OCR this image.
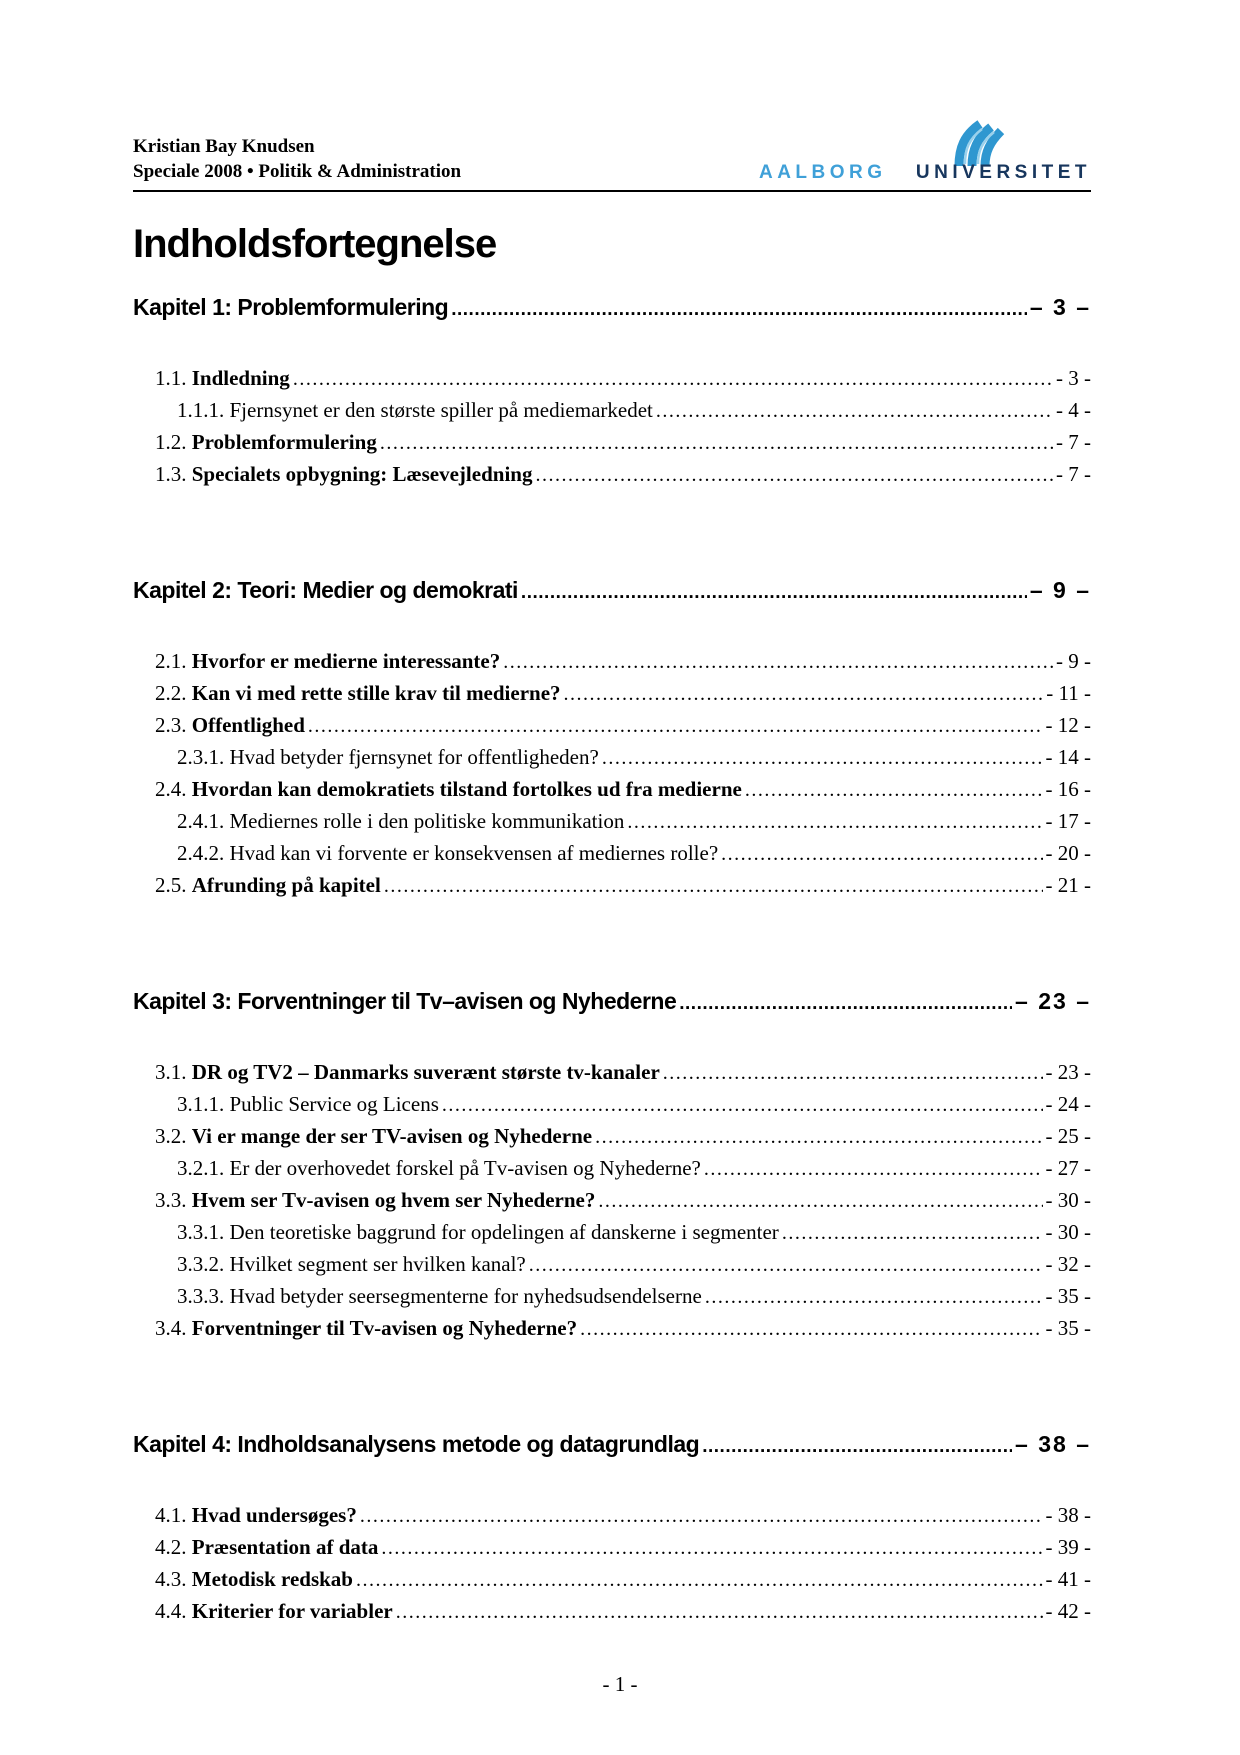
Kristian Bay Knudsen
Speciale 2008 • Politik & Administration	AALBORG UNIVERSITET
Indholdsfortegnelse
Kapitel 1: Problemformulering .....	– 3 –
1.1. Indledning .....	- 3 -
1.1.1. Fjernsynet er den største spiller på mediemarkedet .....	- 4 -
1.2. Problemformulering .....	- 7 -
1.3. Specialets opbygning: Læsevejledning .....	- 7 -
Kapitel 2: Teori: Medier og demokrati .....	– 9 –
2.1. Hvorfor er medierne interessante? .....	- 9 -
2.2. Kan vi med rette stille krav til medierne? .....	- 11 -
2.3. Offentlighed .....	- 12 -
2.3.1. Hvad betyder fjernsynet for offentligheden? .....	- 14 -
2.4. Hvordan kan demokratiets tilstand fortolkes ud fra medierne .....	- 16 -
2.4.1. Mediernes rolle i den politiske kommunikation .....	- 17 -
2.4.2. Hvad kan vi forvente er konsekvensen af mediernes rolle? .....	- 20 -
2.5. Afrunding på kapitel .....	- 21 -
Kapitel 3: Forventninger til Tv–avisen og Nyhederne .....	– 23 –
3.1. DR og TV2 – Danmarks suverænt største tv-kanaler .....	- 23 -
3.1.1. Public Service og Licens .....	- 24 -
3.2. Vi er mange der ser TV-avisen og Nyhederne .....	- 25 -
3.2.1. Er der overhovedet forskel på Tv-avisen og Nyhederne? .....	- 27 -
3.3. Hvem ser Tv-avisen og hvem ser Nyhederne? .....	- 30 -
3.3.1. Den teoretiske baggrund for opdelingen af danskerne i segmenter .....	- 30 -
3.3.2. Hvilket segment ser hvilken kanal? .....	- 32 -
3.3.3. Hvad betyder seersegmenterne for nyhedsudsendelserne .....	- 35 -
3.4. Forventninger til Tv-avisen og Nyhederne? .....	- 35 -
Kapitel 4: Indholdsanalysens metode og datagrundlag .....	– 38 –
4.1. Hvad undersøges? .....	- 38 -
4.2. Præsentation af data .....	- 39 -
4.3. Metodisk redskab .....	- 41 -
4.4. Kriterier for variabler .....	- 42 -
- 1 -
